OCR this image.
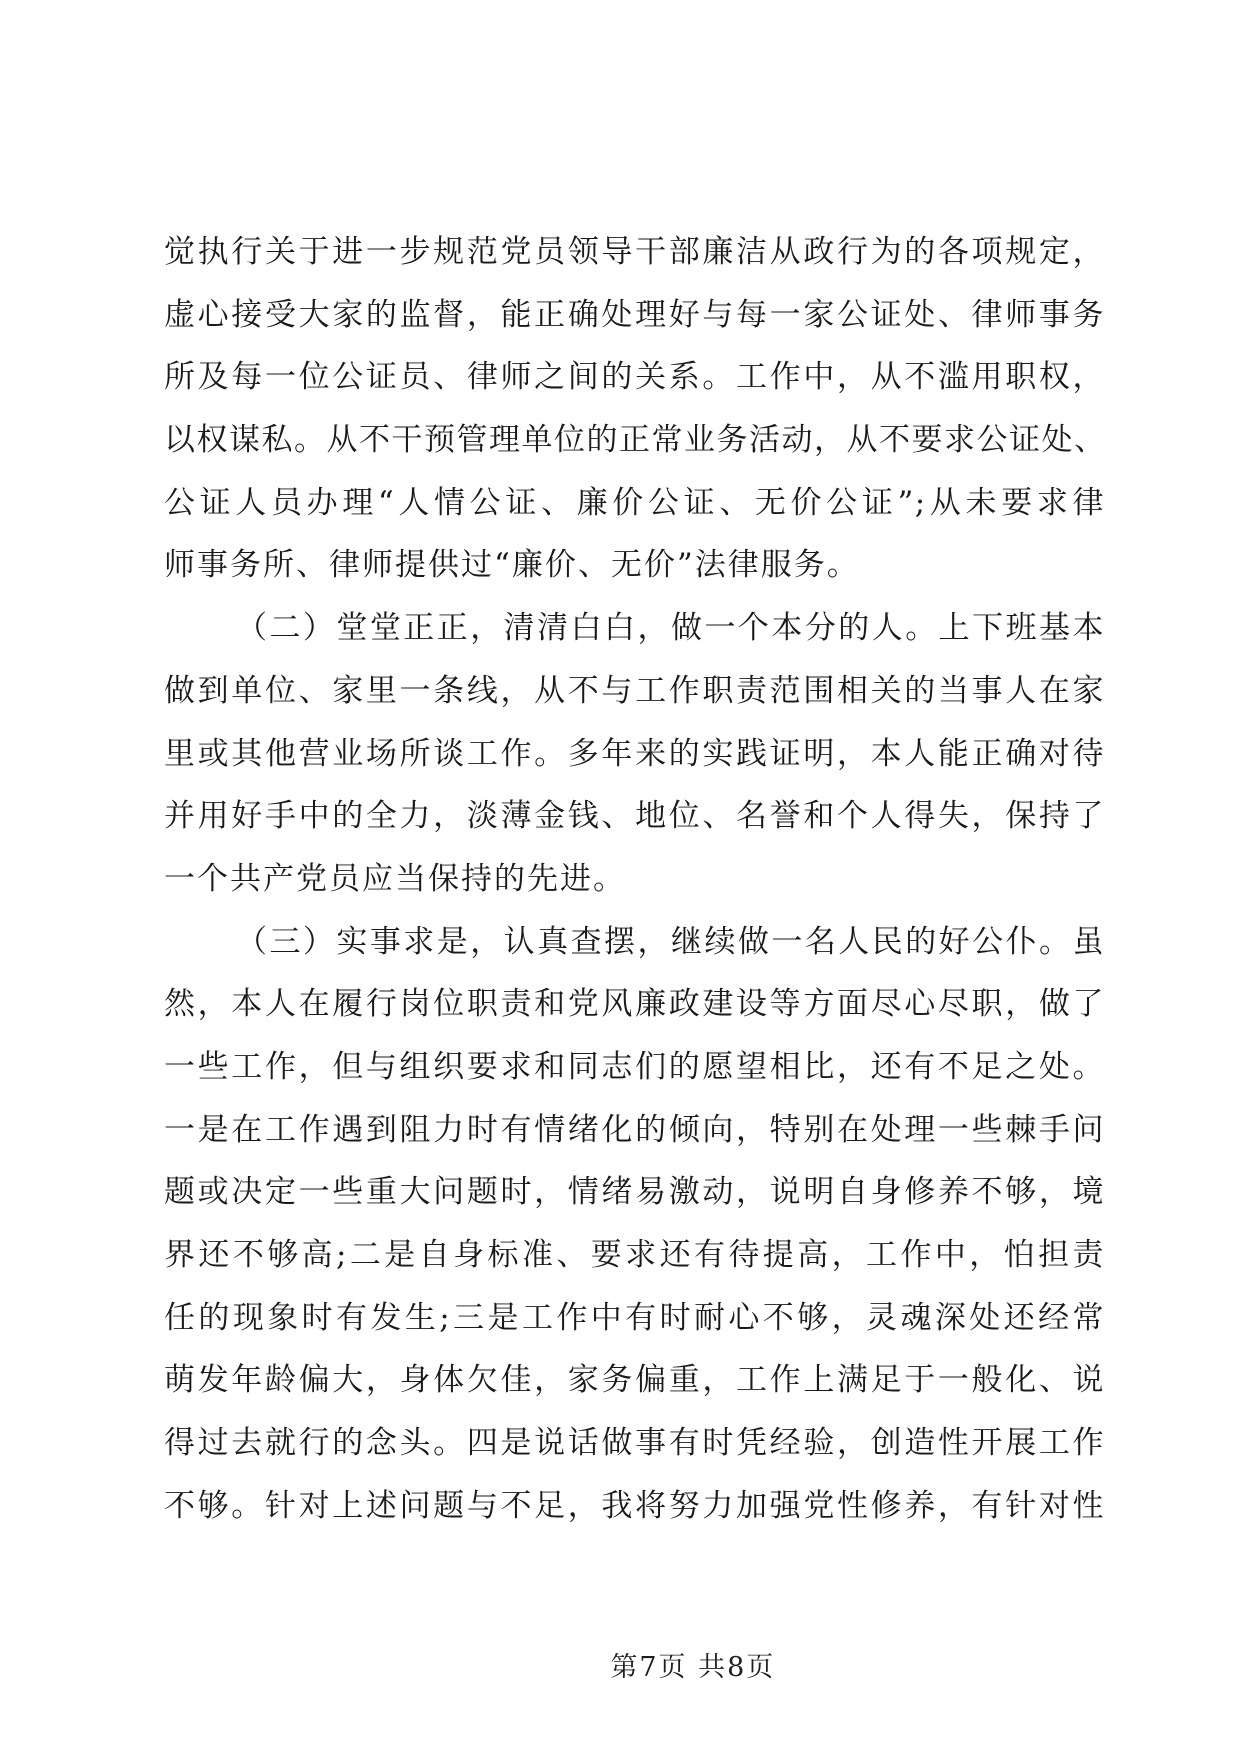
觉执行关于进一步规范党员领导干部廉洁从政行为的各项规定，
虚心接受大家的监督，能正确处理好与每一家公证处、律师事务
所及每一位公证员、律师之间的关系。工作中，从不滥用职权，
以权谋私。从不干预管理单位的正常业务活动，从不要求公证处、
公证人员办理“人情公证、廉价公证、无价公证”;从未要求律
师事务所、律师提供过“廉价、无价”法律服务。
（二）堂堂正正，清清白白，做一个本分的人。上下班基本
做到单位、家里一条线，从不与工作职责范围相关的当事人在家
里或其他营业场所谈工作。多年来的实践证明，本人能正确对待
并用好手中的全力，淡薄金钱、地位、名誉和个人得失，保持了
一个共产党员应当保持的先进。
（三）实事求是，认真查摆，继续做一名人民的好公仆。虽
然，本人在履行岗位职责和党风廉政建设等方面尽心尽职，做了
一些工作，但与组织要求和同志们的愿望相比，还有不足之处。
一是在工作遇到阻力时有情绪化的倾向，特别在处理一些棘手问
题或决定一些重大问题时，情绪易激动，说明自身修养不够，境
界还不够高;二是自身标准、要求还有待提高，工作中，怕担责
任的现象时有发生;三是工作中有时耐心不够，灵魂深处还经常
萌发年龄偏大，身体欠佳，家务偏重，工作上满足于一般化、说
得过去就行的念头。四是说话做事有时凭经验，创造性开展工作
不够。针对上述问题与不足，我将努力加强党性修养，有针对性

第7页 共8页
